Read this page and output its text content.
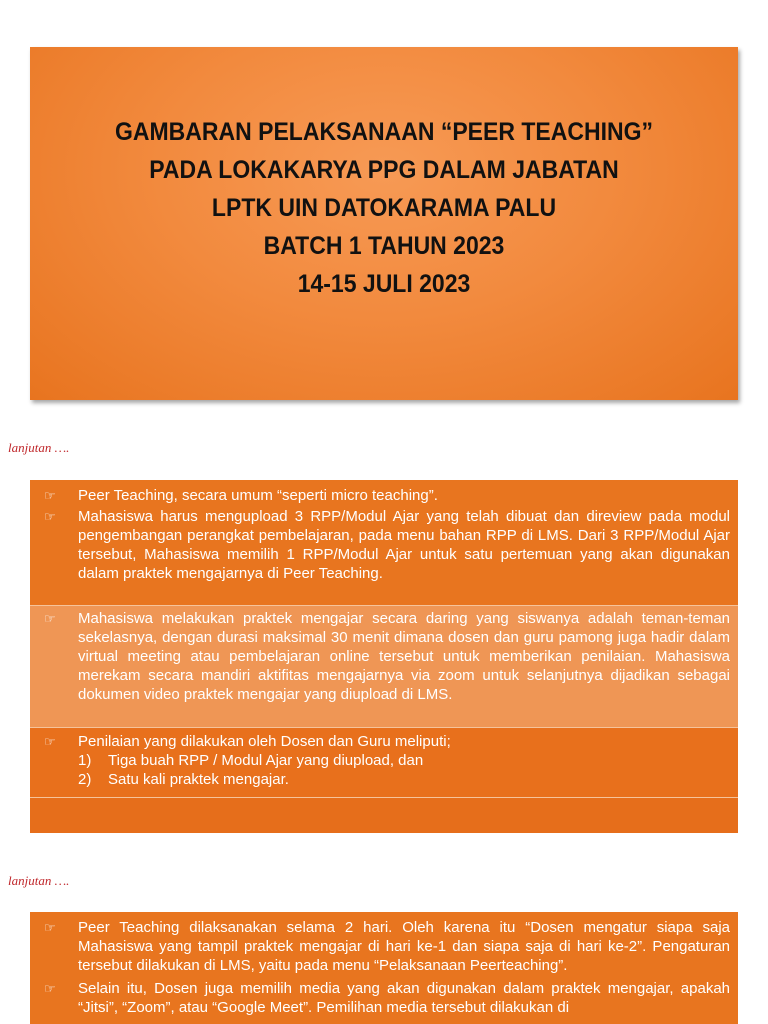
GAMBARAN PELAKSANAAN “PEER TEACHING”
PADA LOKAKARYA PPG DALAM JABATAN
LPTK UIN DATOKARAMA PALU
BATCH 1 TAHUN 2023
14-15 JULI 2023
lanjutan ….
☞ Peer Teaching, secara umum “seperti micro teaching”.
☞ Mahasiswa harus mengupload 3 RPP/Modul Ajar yang telah dibuat dan direview pada modul pengembangan perangkat pembelajaran, pada menu bahan RPP di LMS. Dari 3 RPP/Modul Ajar tersebut, Mahasiswa memilih 1 RPP/Modul Ajar untuk satu pertemuan yang akan digunakan dalam praktek mengajarnya di Peer Teaching.
☞ Mahasiswa melakukan praktek mengajar secara daring yang siswanya adalah teman-teman sekelasnya, dengan durasi maksimal 30 menit dimana dosen dan guru pamong juga hadir dalam virtual meeting atau pembelajaran online tersebut untuk memberikan penilaian. Mahasiswa merekam secara mandiri aktifitas mengajarnya via zoom untuk selanjutnya dijadikan sebagai dokumen video praktek mengajar yang diupload di LMS.
☞ Penilaian yang dilakukan oleh Dosen dan Guru meliputi;
1) Tiga buah RPP / Modul Ajar yang diupload, dan
2) Satu kali praktek mengajar.
lanjutan ….
☞ Peer Teaching dilaksanakan selama 2 hari. Oleh karena itu “Dosen mengatur siapa saja Mahasiswa yang tampil praktek mengajar di hari ke-1 dan siapa saja di hari ke-2”. Pengaturan tersebut dilakukan di LMS, yaitu pada menu “Pelaksanaan Peerteaching”.
☞ Selain itu, Dosen juga memilih media yang akan digunakan dalam praktek mengajar, apakah “Jitsi”, “Zoom”, atau “Google Meet”. Pemilihan media tersebut dilakukan di
